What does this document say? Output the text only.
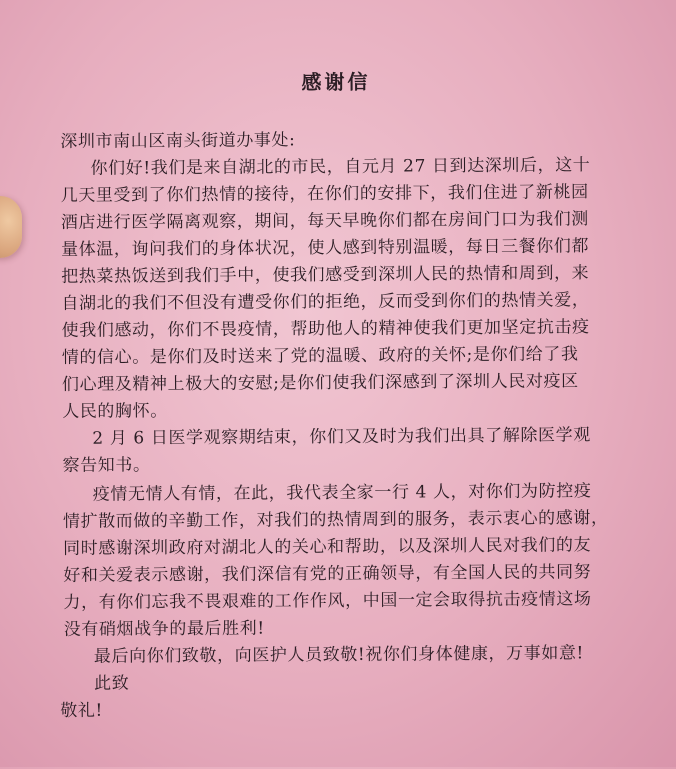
感谢信
深圳市南山区南头街道办事处:
你们好!我们是来自湖北的市民，自元月 27 日到达深圳后，这十
几天里受到了你们热情的接待，在你们的安排下，我们住进了新桃园
酒店进行医学隔离观察，期间，每天早晚你们都在房间门口为我们测
量体温，询问我们的身体状况，使人感到特别温暖，每日三餐你们都
把热菜热饭送到我们手中，使我们感受到深圳人民的热情和周到，来
自湖北的我们不但没有遭受你们的拒绝，反而受到你们的热情关爱，
使我们感动，你们不畏疫情，帮助他人的精神使我们更加坚定抗击疫
情的信心。是你们及时送来了党的温暖、政府的关怀;是你们给了我
们心理及精神上极大的安慰;是你们使我们深感到了深圳人民对疫区
人民的胸怀。
2 月 6 日医学观察期结束，你们又及时为我们出具了解除医学观
察告知书。
疫情无情人有情，在此，我代表全家一行 4 人，对你们为防控疫
情扩散而做的辛勤工作，对我们的热情周到的服务，表示衷心的感谢，
同时感谢深圳政府对湖北人的关心和帮助，以及深圳人民对我们的友
好和关爱表示感谢，我们深信有党的正确领导，有全国人民的共同努
力，有你们忘我不畏艰难的工作作风，中国一定会取得抗击疫情这场
没有硝烟战争的最后胜利!
最后向你们致敬，向医护人员致敬!祝你们身体健康，万事如意!
此致
敬礼!
